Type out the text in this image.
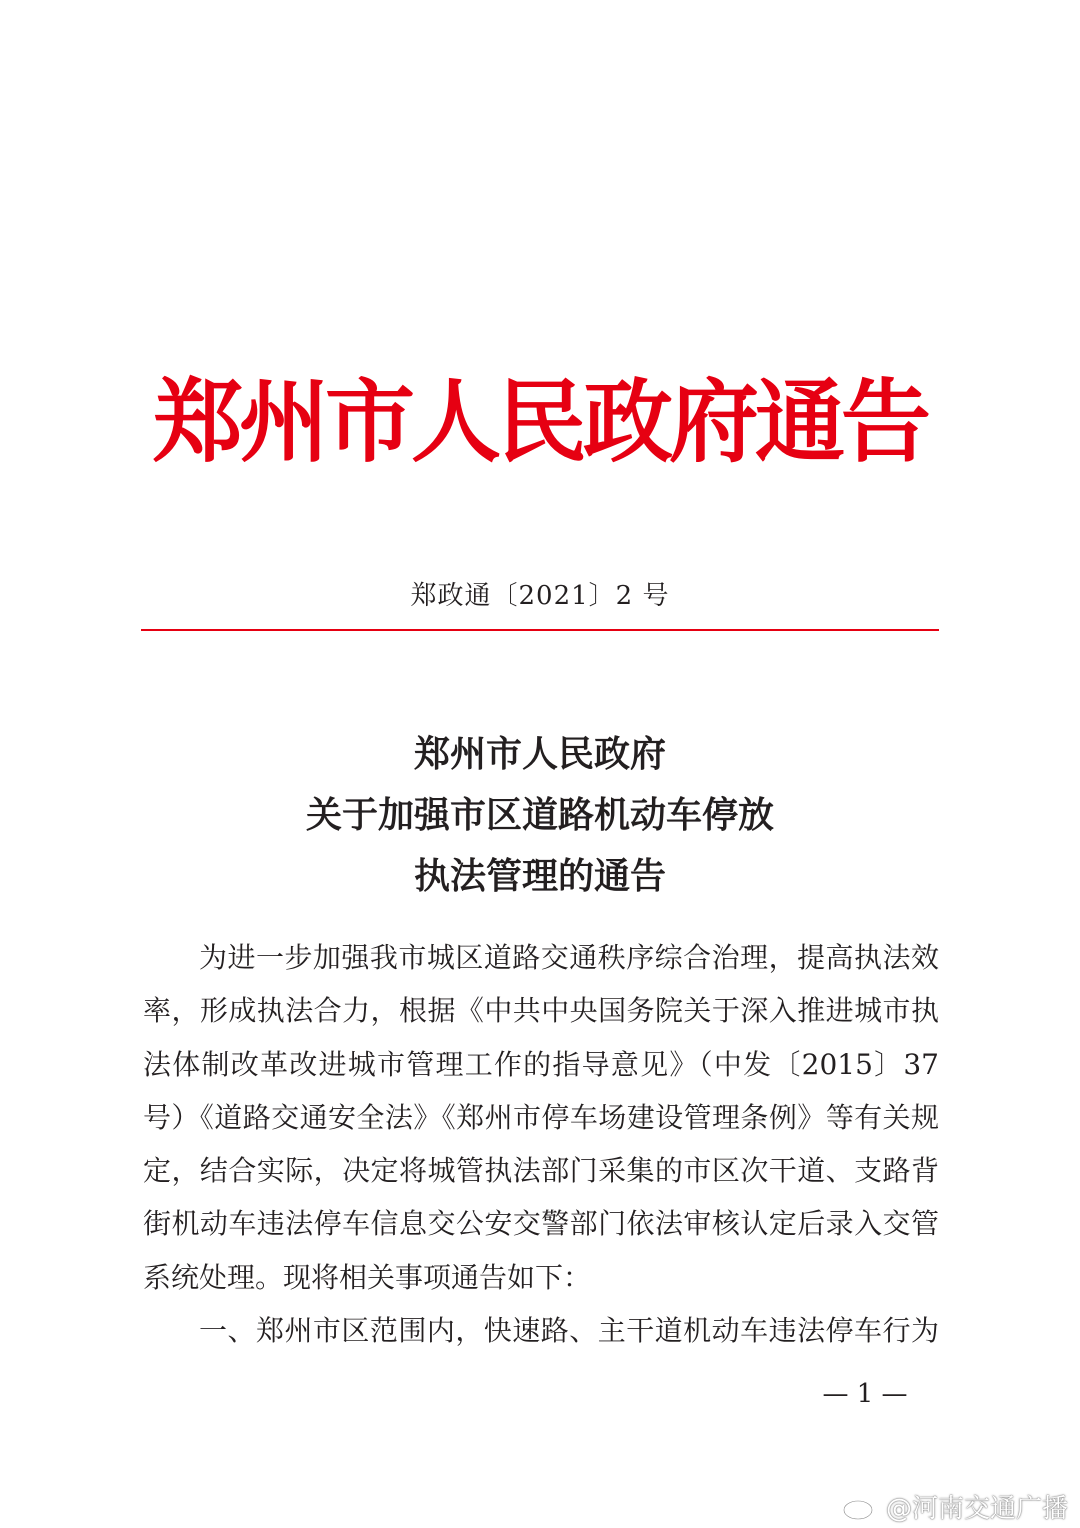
郑州市人民政府通告
郑政通〔2021〕2 号
郑州市人民政府
关于加强市区道路机动车停放
执法管理的通告
为进一步加强我市城区道路交通秩序综合治理，提高执法效
率，形成执法合力，根据《中共中央国务院关于深入推进城市执
法体制改革改进城市管理工作的指导意见》（中发〔2015〕37
号）《道路交通安全法》《郑州市停车场建设管理条例》等有关规
定，结合实际，决定将城管执法部门采集的市区次干道、支路背
街机动车违法停车信息交公安交警部门依法审核认定后录入交管
系统处理。现将相关事项通告如下：
一、郑州市区范围内，快速路、主干道机动车违法停车行为
— 1 —
@河南交通广播
